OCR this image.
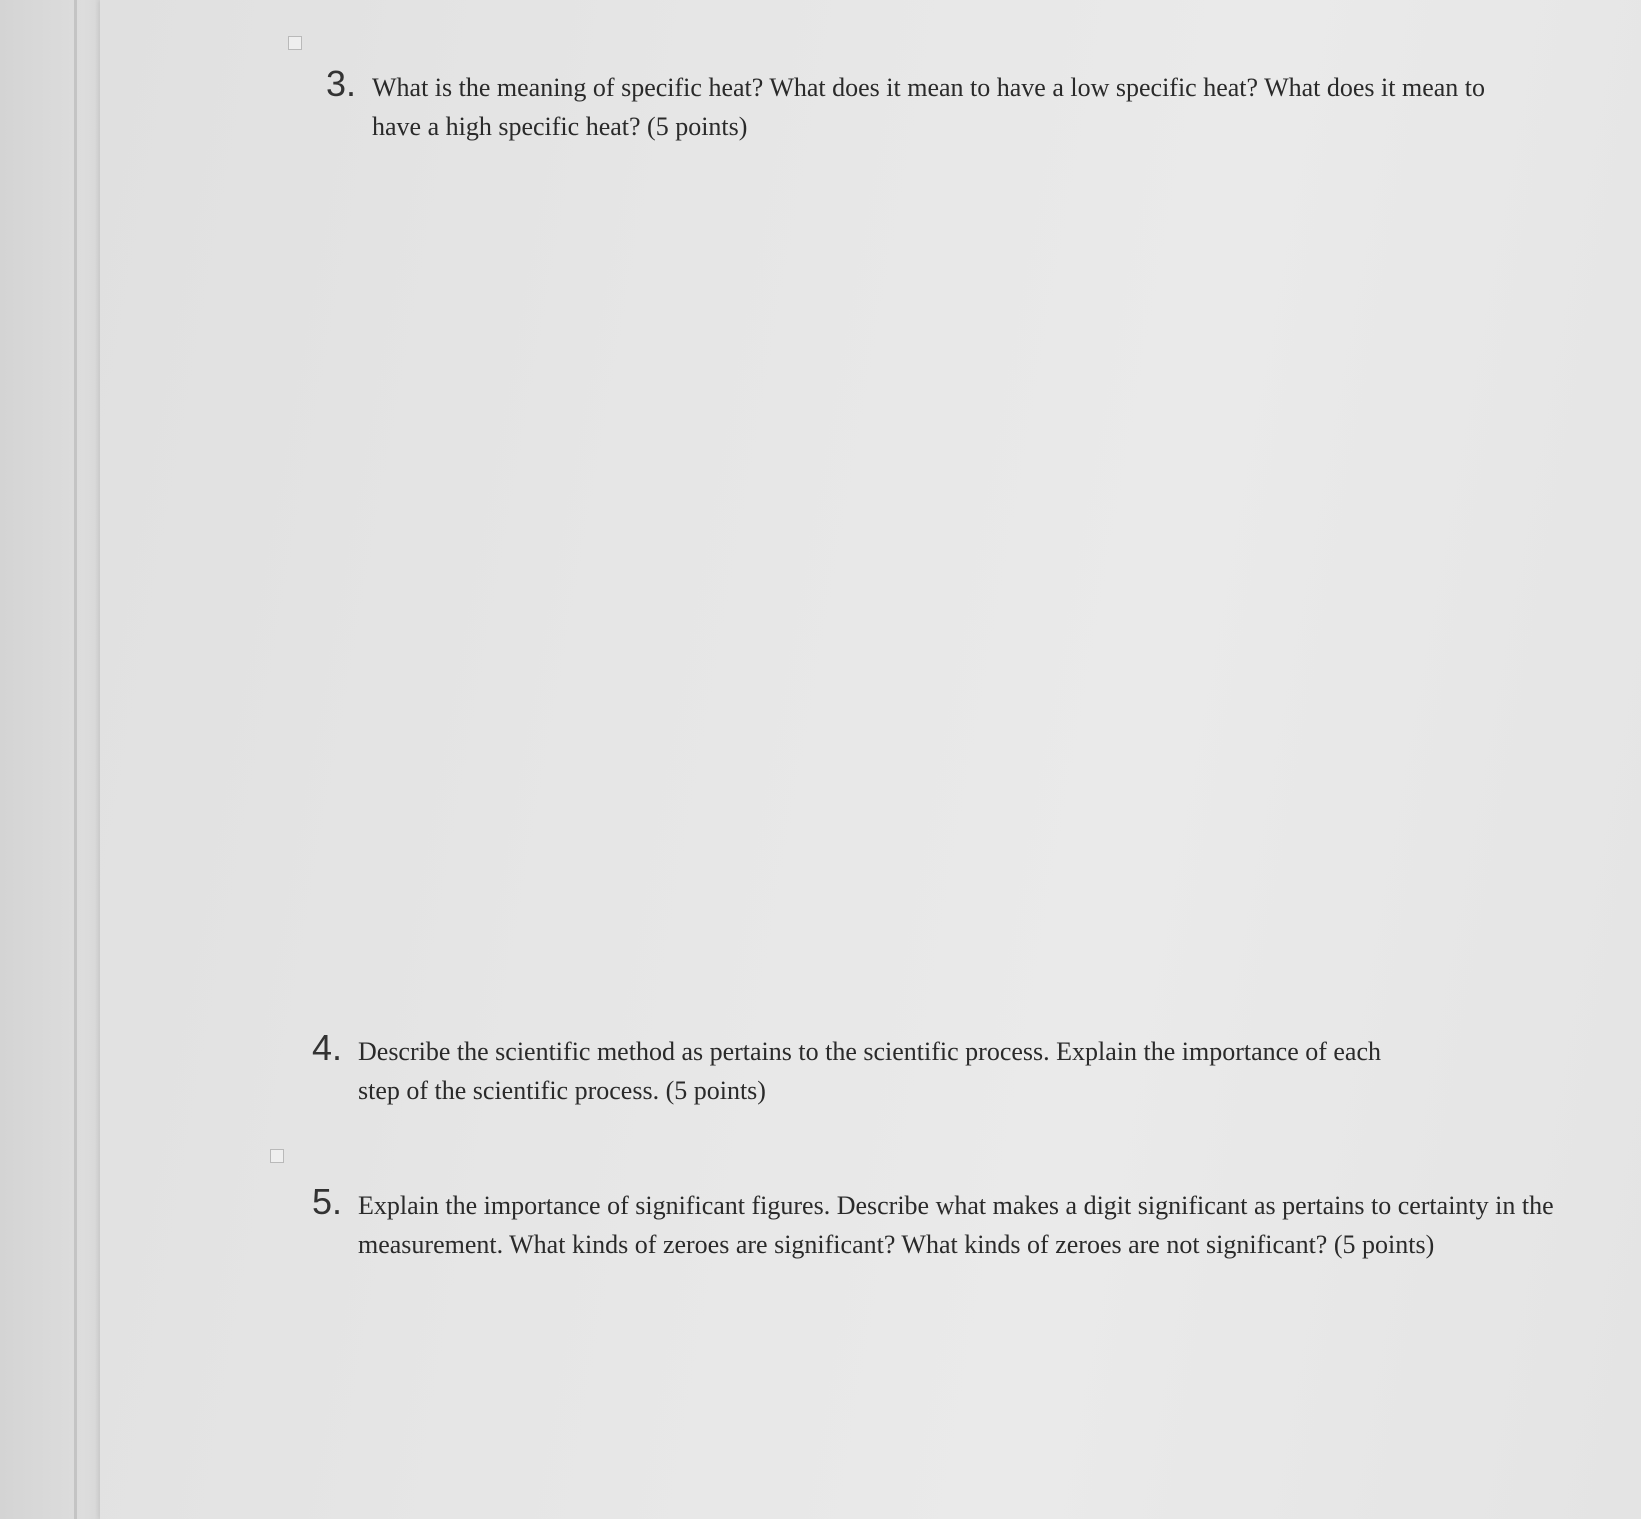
3. What is the meaning of specific heat? What does it mean to have a low specific heat? What does it mean to have a high specific heat? (5 points)
4. Describe the scientific method as pertains to the scientific process. Explain the importance of each step of the scientific process. (5 points)
5. Explain the importance of significant figures. Describe what makes a digit significant as pertains to certainty in the measurement. What kinds of zeroes are significant? What kinds of zeroes are not significant? (5 points)
